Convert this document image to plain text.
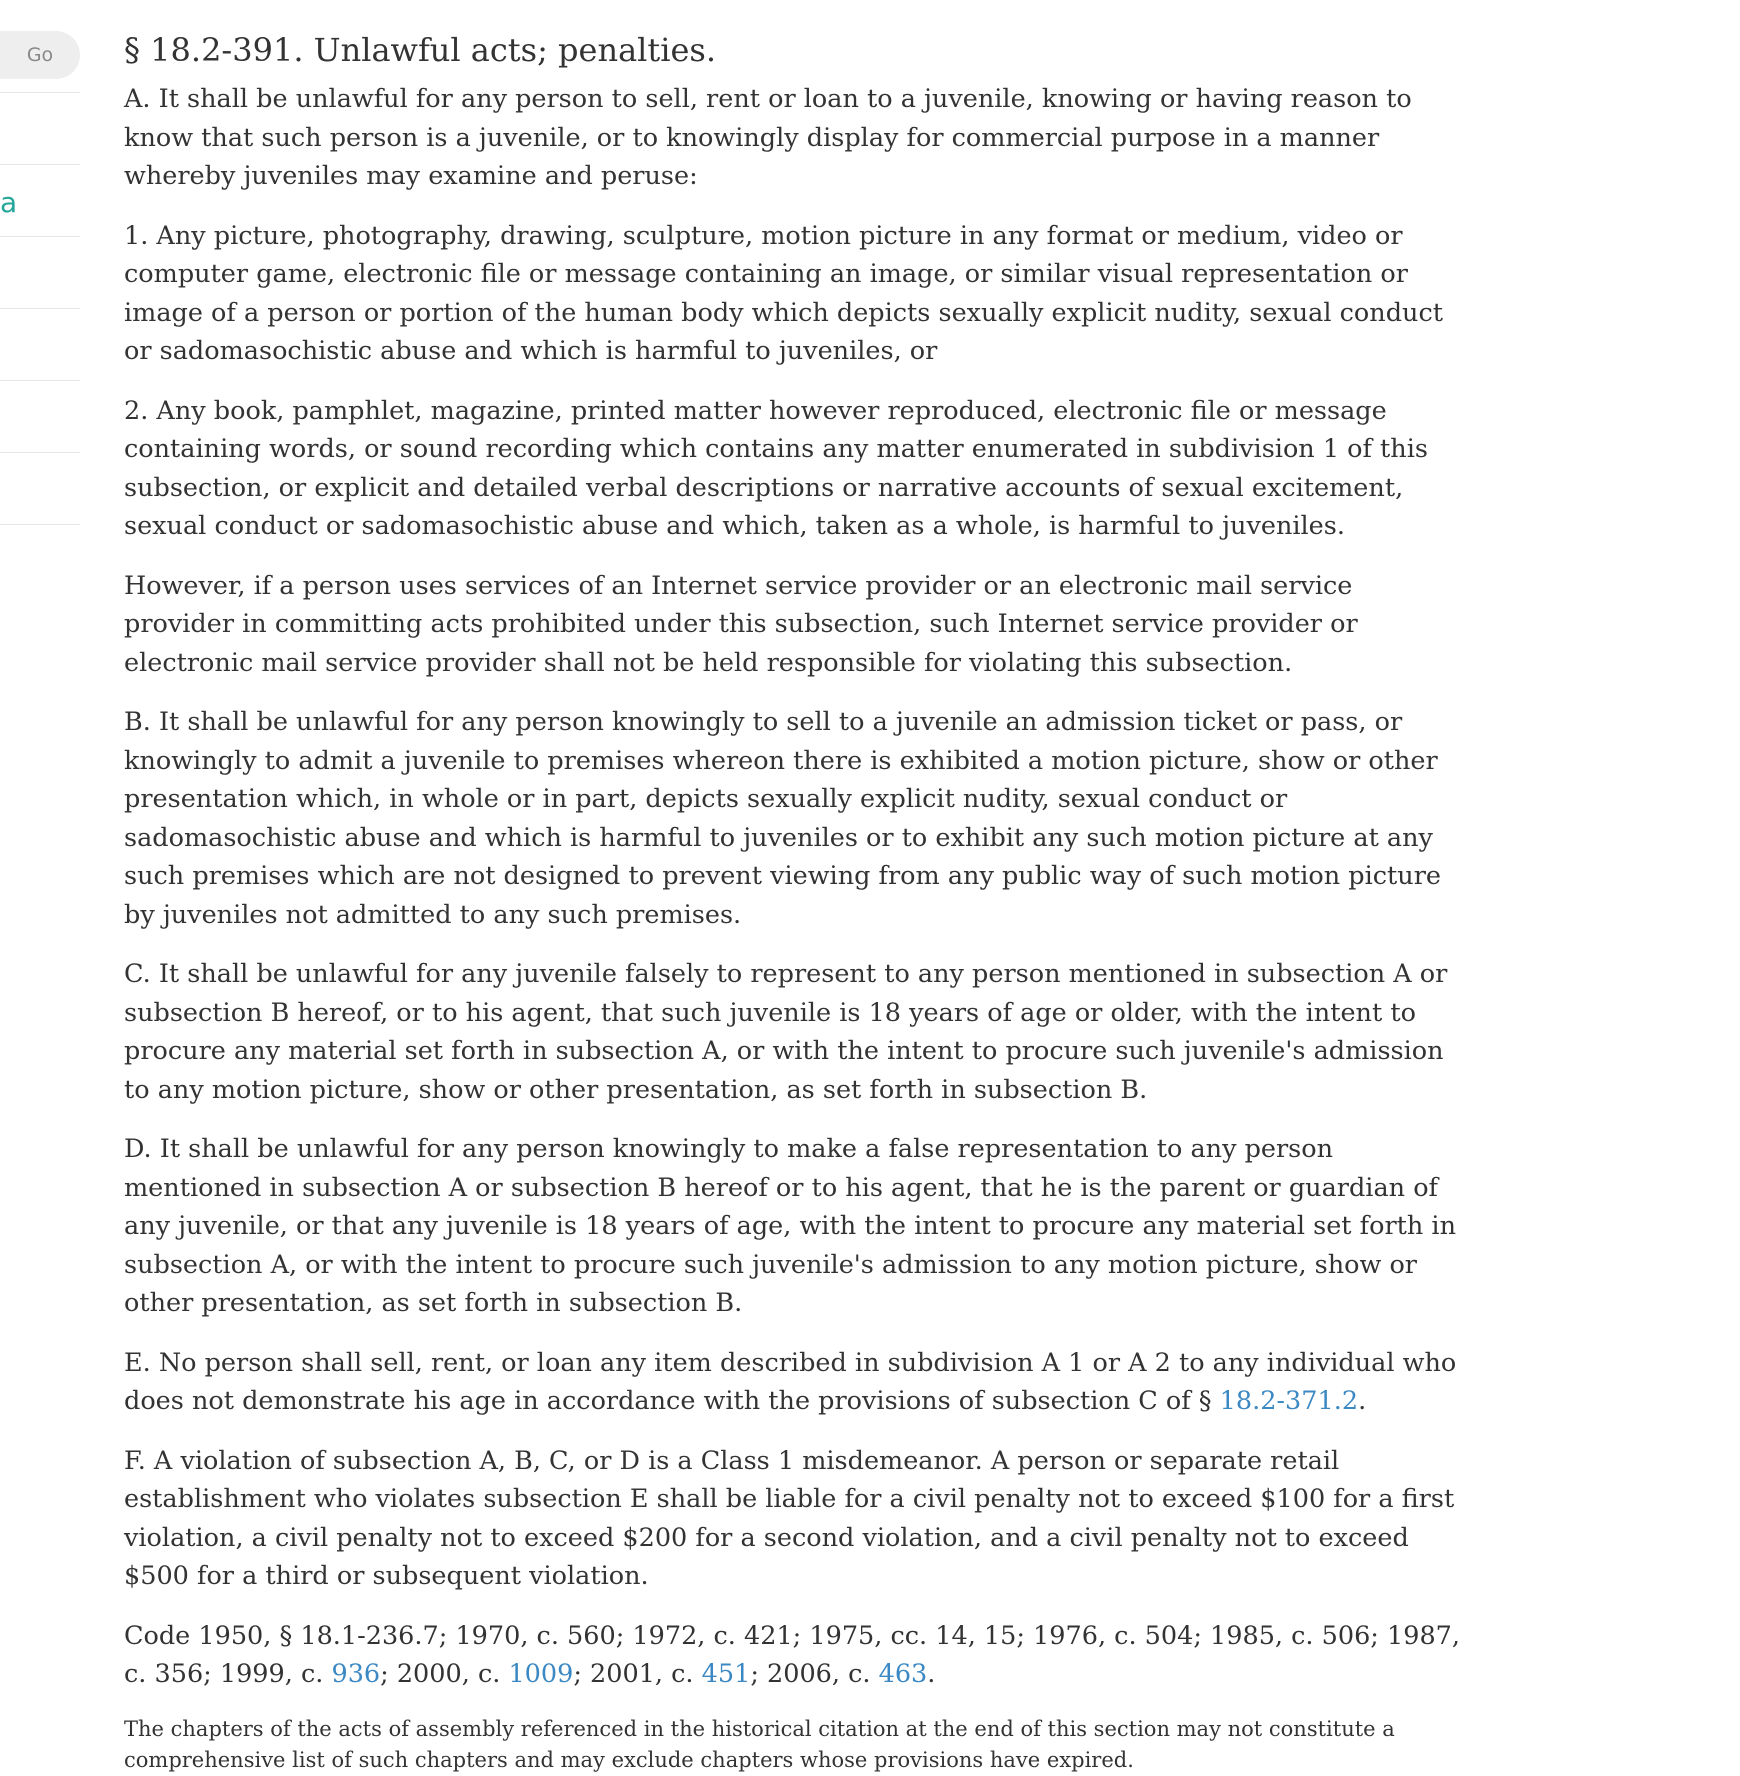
Go
a
§ 18.2-391. Unlawful acts; penalties.

A. It shall be unlawful for any person to sell, rent or loan to a juvenile, knowing or having reason to know that such person is a juvenile, or to knowingly display for commercial purpose in a manner whereby juveniles may examine and peruse:

1. Any picture, photography, drawing, sculpture, motion picture in any format or medium, video or computer game, electronic file or message containing an image, or similar visual representation or image of a person or portion of the human body which depicts sexually explicit nudity, sexual conduct or sadomasochistic abuse and which is harmful to juveniles, or

2. Any book, pamphlet, magazine, printed matter however reproduced, electronic file or message containing words, or sound recording which contains any matter enumerated in subdivision 1 of this subsection, or explicit and detailed verbal descriptions or narrative accounts of sexual excitement, sexual conduct or sadomasochistic abuse and which, taken as a whole, is harmful to juveniles.

However, if a person uses services of an Internet service provider or an electronic mail service provider in committing acts prohibited under this subsection, such Internet service provider or electronic mail service provider shall not be held responsible for violating this subsection.

B. It shall be unlawful for any person knowingly to sell to a juvenile an admission ticket or pass, or knowingly to admit a juvenile to premises whereon there is exhibited a motion picture, show or other presentation which, in whole or in part, depicts sexually explicit nudity, sexual conduct or sadomasochistic abuse and which is harmful to juveniles or to exhibit any such motion picture at any such premises which are not designed to prevent viewing from any public way of such motion picture by juveniles not admitted to any such premises.

C. It shall be unlawful for any juvenile falsely to represent to any person mentioned in subsection A or subsection B hereof, or to his agent, that such juvenile is 18 years of age or older, with the intent to procure any material set forth in subsection A, or with the intent to procure such juvenile's admission to any motion picture, show or other presentation, as set forth in subsection B.

D. It shall be unlawful for any person knowingly to make a false representation to any person mentioned in subsection A or subsection B hereof or to his agent, that he is the parent or guardian of any juvenile, or that any juvenile is 18 years of age, with the intent to procure any material set forth in subsection A, or with the intent to procure such juvenile's admission to any motion picture, show or other presentation, as set forth in subsection B.

E. No person shall sell, rent, or loan any item described in subdivision A 1 or A 2 to any individual who does not demonstrate his age in accordance with the provisions of subsection C of § 18.2-371.2.

F. A violation of subsection A, B, C, or D is a Class 1 misdemeanor. A person or separate retail establishment who violates subsection E shall be liable for a civil penalty not to exceed $100 for a first violation, a civil penalty not to exceed $200 for a second violation, and a civil penalty not to exceed $500 for a third or subsequent violation.

Code 1950, § 18.1-236.7; 1970, c. 560; 1972, c. 421; 1975, cc. 14, 15; 1976, c. 504; 1985, c. 506; 1987, c. 356; 1999, c. 936; 2000, c. 1009; 2001, c. 451; 2006, c. 463.

The chapters of the acts of assembly referenced in the historical citation at the end of this section may not constitute a comprehensive list of such chapters and may exclude chapters whose provisions have expired.
